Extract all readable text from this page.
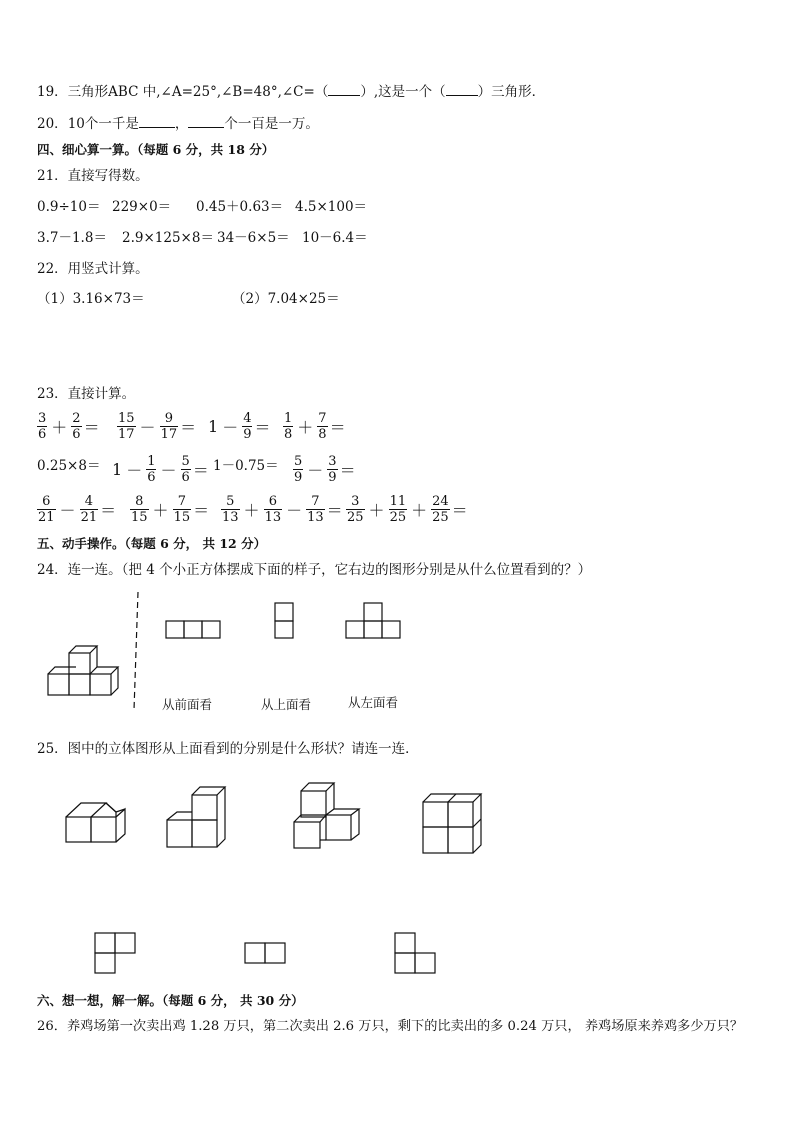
19．三角形ABC 中,∠A=25°,∠B=48°,∠C=（ ）,这是一个（ ）三角形．
20．10个一千是	，	个一百是一万。
四、细心算一算。（每题 6 分，共 18 分）
21．直接写得数。
0.9÷10＝ 229×0＝ 0.45＋0.63＝ 4.5×100＝
3.7－1.8＝ 2.9×125×8＝ 34－6×5＝ 10－6.4＝
22．用竖式计算。
（1）3.16×73＝	（2）7.04×25＝
23．直接计算。
$\frac{3}{6} + \frac{2}{6} = \frac{15}{17} - \frac{9}{17} = 1 - \frac{4}{9} = \frac{1}{8} + \frac{7}{8}$ ＝
$0.25\times 8= 1 - \frac{1}{6} - \frac{5}{6} = 1-0.75= \frac{5}{9} - \frac{3}{9}$ ＝
$\frac{6}{21} - \frac{4}{21} = \frac{8}{15} + \frac{7}{15} = \frac{5}{13} + \frac{6}{13} - \frac{7}{13} = \frac{3}{25} + \frac{11}{25} + \frac{24}{25}$ ＝
五、动手操作。（每题 6 分， 共 12 分）
24．连一连。（把 4 个小正方体摆成下面的样子，它右边的图形分别是从什么位置看到的？）
从前面看	从上面看	从左面看
25．图中的立体图形从上面看到的分别是什么形状？请连一连．
六、想一想，解一解。（每题 6 分， 共 30 分）
26．养鸡场第一次卖出鸡 1.28 万只，第二次卖出 2.6 万只，剩下的比卖出的多 0.24 万只， 养鸡场原来养鸡多少万只？
